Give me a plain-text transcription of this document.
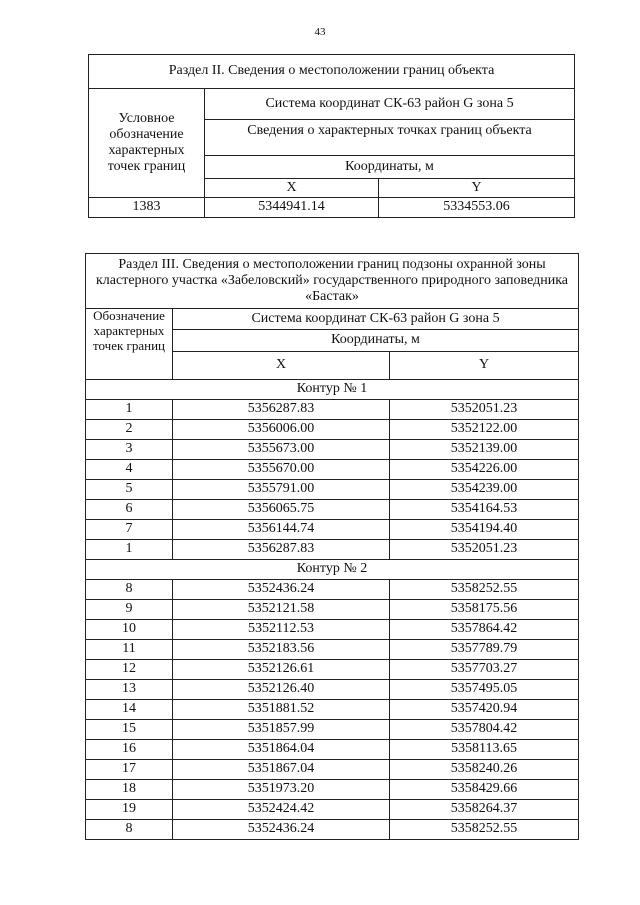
43
Раздел II. Сведения о местоположении границ объекта		
Условное обозначение характерных точек границ	Система координат СК-63 район G зона 5	
	Сведения о характерных точках границ объекта	
	Координаты, м	
	X	Y
1383	5344941.14	5334553.06
Раздел III. Сведения о местоположении границ подзоны охранной зоны кластерного участка «Забеловский» государственного природного заповедника «Бастак»		
Обозначение характерных точек границ	Система координат СК-63 район G зона 5	
	Координаты, м	
	X	Y
Контур № 1		
1	5356287.83	5352051.23
2	5356006.00	5352122.00
3	5355673.00	5352139.00
4	5355670.00	5354226.00
5	5355791.00	5354239.00
6	5356065.75	5354164.53
7	5356144.74	5354194.40
1	5356287.83	5352051.23
Контур № 2		
8	5352436.24	5358252.55
9	5352121.58	5358175.56
10	5352112.53	5357864.42
11	5352183.56	5357789.79
12	5352126.61	5357703.27
13	5352126.40	5357495.05
14	5351881.52	5357420.94
15	5351857.99	5357804.42
16	5351864.04	5358113.65
17	5351867.04	5358240.26
18	5351973.20	5358429.66
19	5352424.42	5358264.37
8	5352436.24	5358252.55
